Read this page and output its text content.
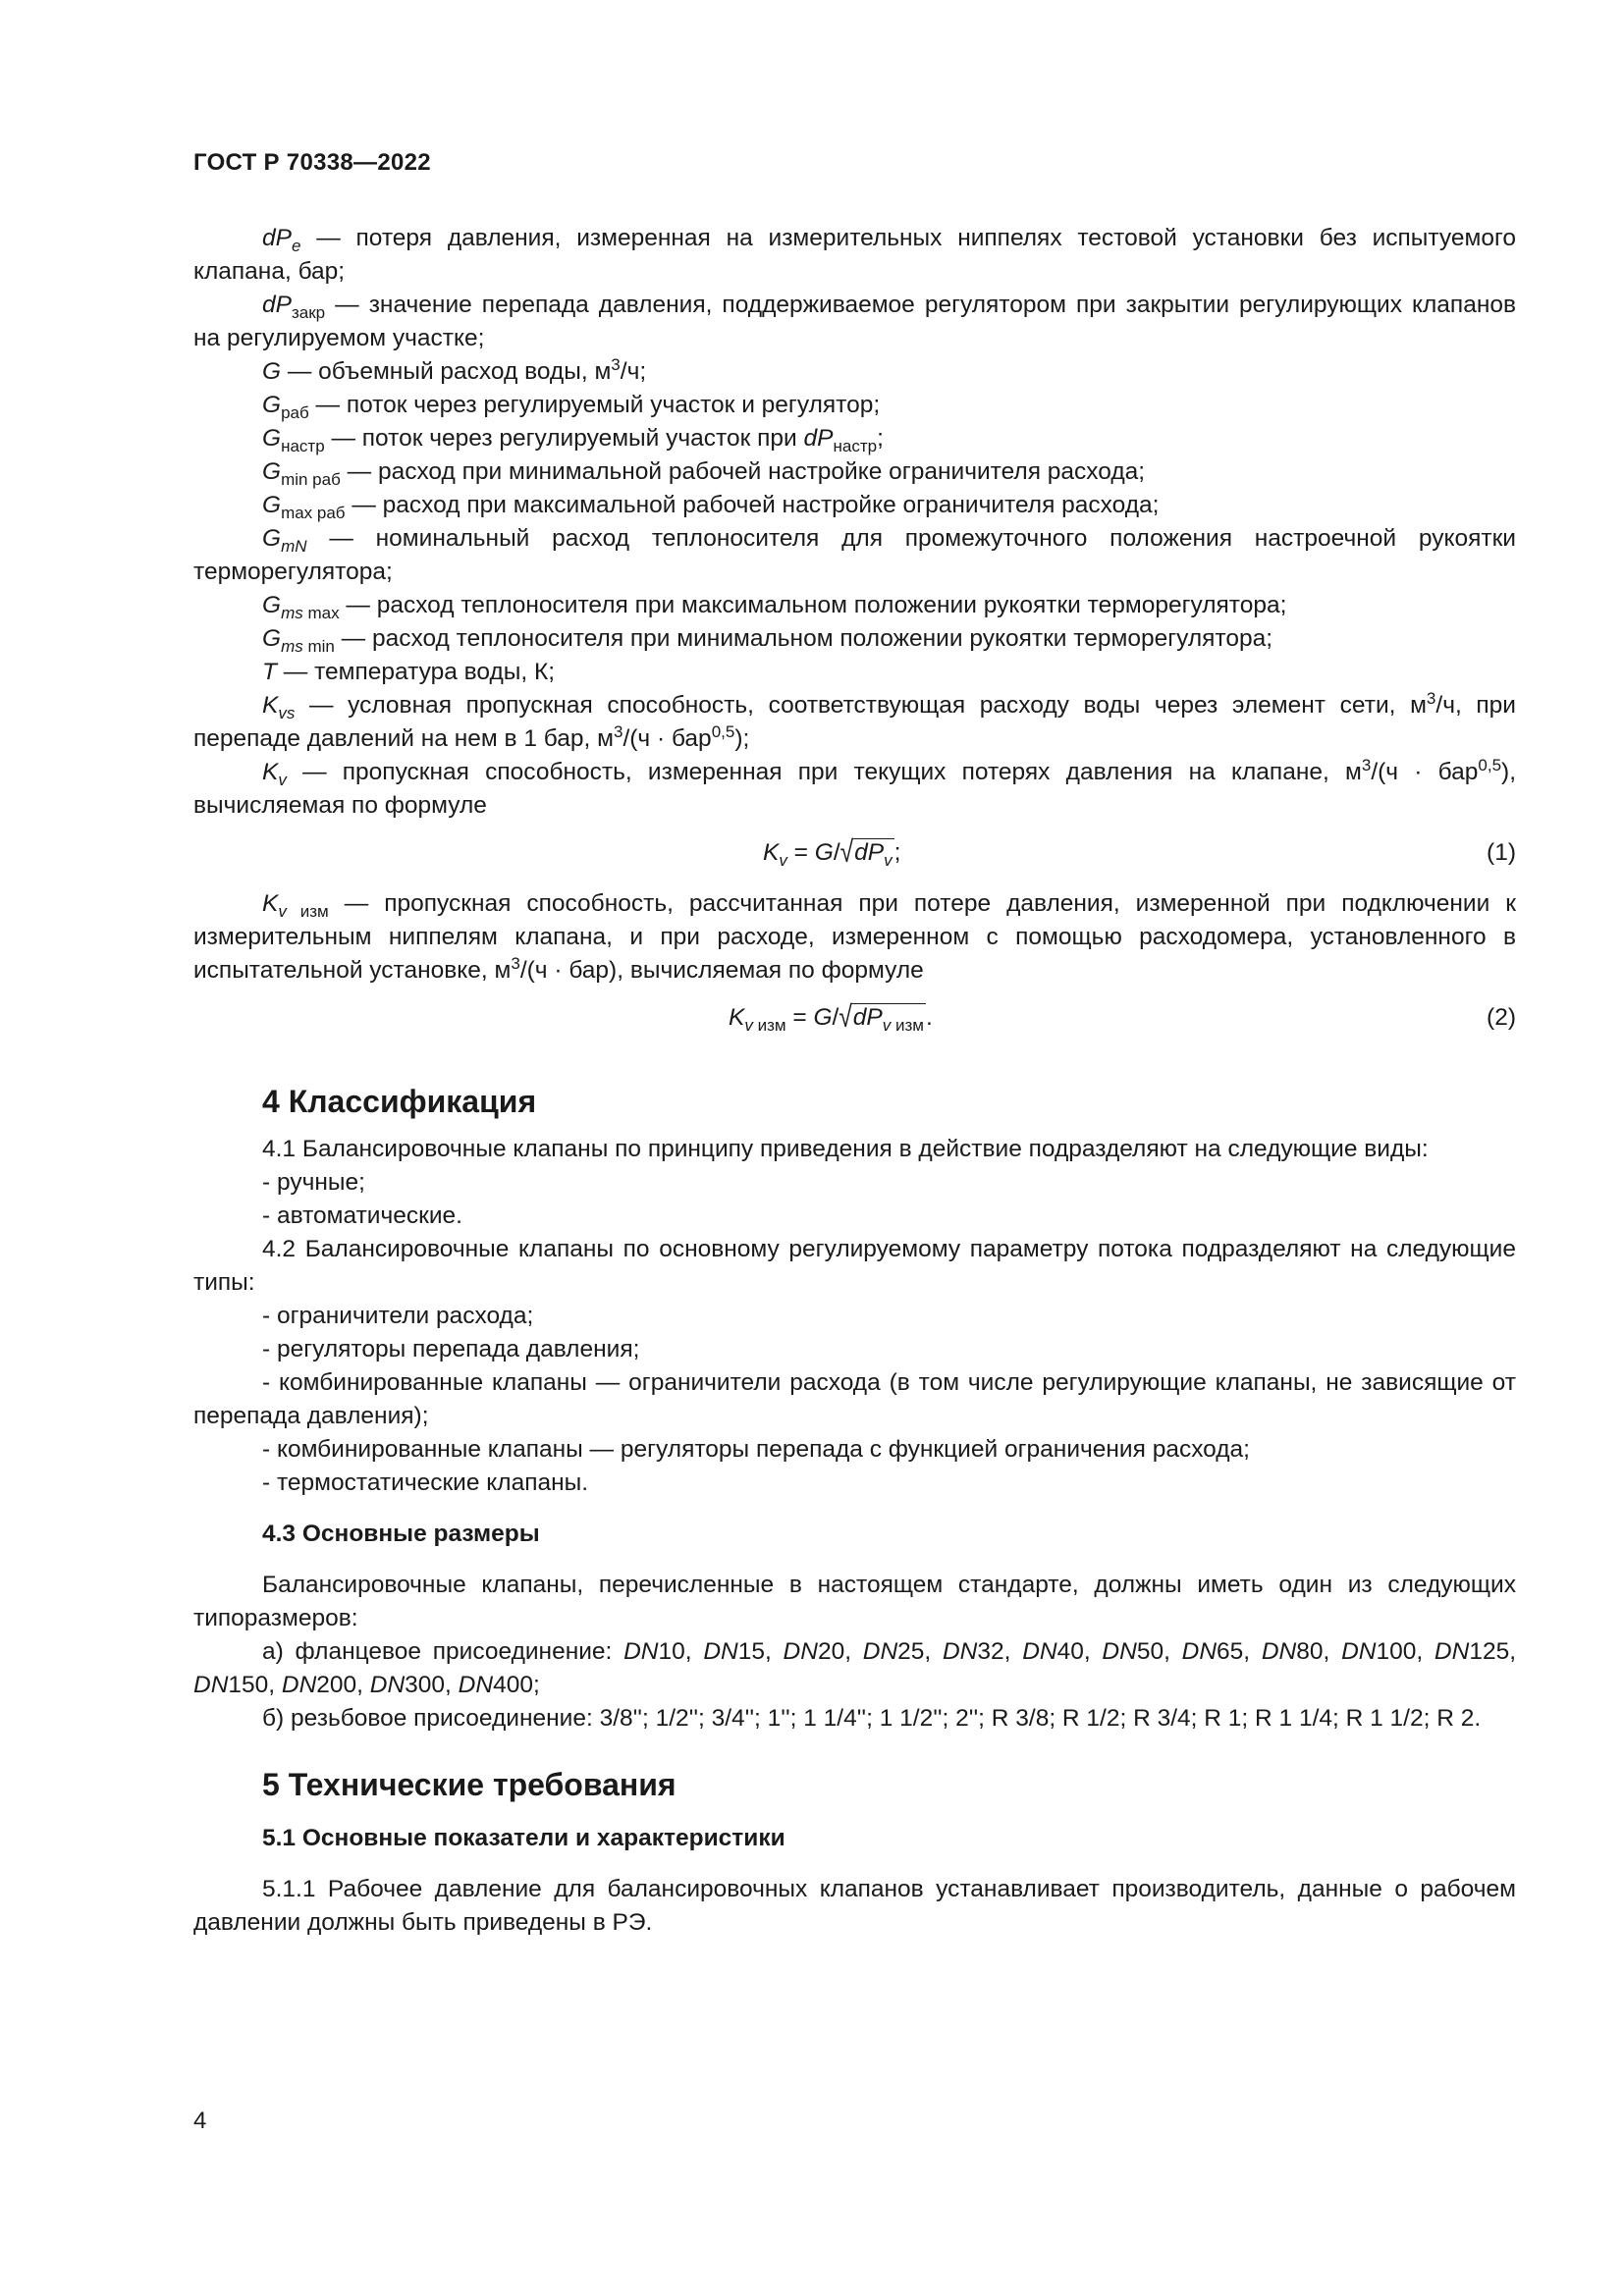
ГОСТ Р 70338—2022

$dP_e$ — потеря давления, измеренная на измерительных ниппелях тестовой установки без испытуемого клапана, бар;

$dP_{закр}$ — значение перепада давления, поддерживаемое регулятором при закрытии регулирующих клапанов на регулируемом участке;

G — объемный расход воды, $м^3/ч$;

$G_{раб}$ — поток через регулируемый участок и регулятор;

$G_{настр}$ — поток через регулируемый участок при $dP_{настр}$;

$G_{min раб}$ — расход при минимальной рабочей настройке ограничителя расхода;

$G_{max раб}$ — расход при максимальной рабочей настройке ограничителя расхода;

$G_{mN}$ — номинальный расход теплоносителя для промежуточного положения настроечной рукоятки терморегулятора;

$G_{ms max}$ — расход теплоносителя при максимальном положении рукоятки терморегулятора;

$G_{ms min}$ — расход теплоносителя при минимальном положении рукоятки терморегулятора;

T — температура воды, К;

$K_{vs}$ — условная пропускная способность, соответствующая расходу воды через элемент сети, $м^3/ч$, при перепаде давлений на нем в 1 бар, $м^3/(ч \cdot бар^{0,5})$;

$K_v$ — пропускная способность, измеренная при текущих потерях давления на клапане, $м^3/(ч \cdot бар^{0,5})$, вычисляемая по формуле

$K_v = G/√dP_v$;	(1)

$K_{v изм}$ — пропускная способность, рассчитанная при потере давления, измеренной при подключении к измерительным ниппелям клапана, и при расходе, измеренном с помощью расходомера, установленного в испытательной установке, $м^3/(ч \cdot бар)$, вычисляемая по формуле

$K_{v изм} = G/√dP_{v изм}$.	(2)
4 Классификация

4.1 Балансировочные клапаны по принципу приведения в действие подразделяют на следующие виды:

- ручные;

- автоматические.

4.2 Балансировочные клапаны по основному регулируемому параметру потока подразделяют на следующие типы:

- ограничители расхода;

- регуляторы перепада давления;

- комбинированные клапаны — ограничители расхода (в том числе регулирующие клапаны, не зависящие от перепада давления);

- комбинированные клапаны — регуляторы перепада с функцией ограничения расхода;

- термостатические клапаны.

4.3 Основные размеры

Балансировочные клапаны, перечисленные в настоящем стандарте, должны иметь один из следующих типоразмеров:

а) фланцевое присоединение: DN10, DN15, DN20, DN25, DN32, DN40, DN50, DN65, DN80, DN100, DN125, DN150, DN200, DN300, DN400;

б) резьбовое присоединение: 3/8''; 1/2''; 3/4''; 1''; 1 1/4''; 1 1/2''; 2''; R 3/8; R 1/2; R 3/4; R 1; R 1 1/4; R 1 1/2; R 2.

5 Технические требования
5.1 Основные показатели и характеристики

5.1.1 Рабочее давление для балансировочных клапанов устанавливает производитель, данные о рабочем давлении должны быть приведены в РЭ.

4
